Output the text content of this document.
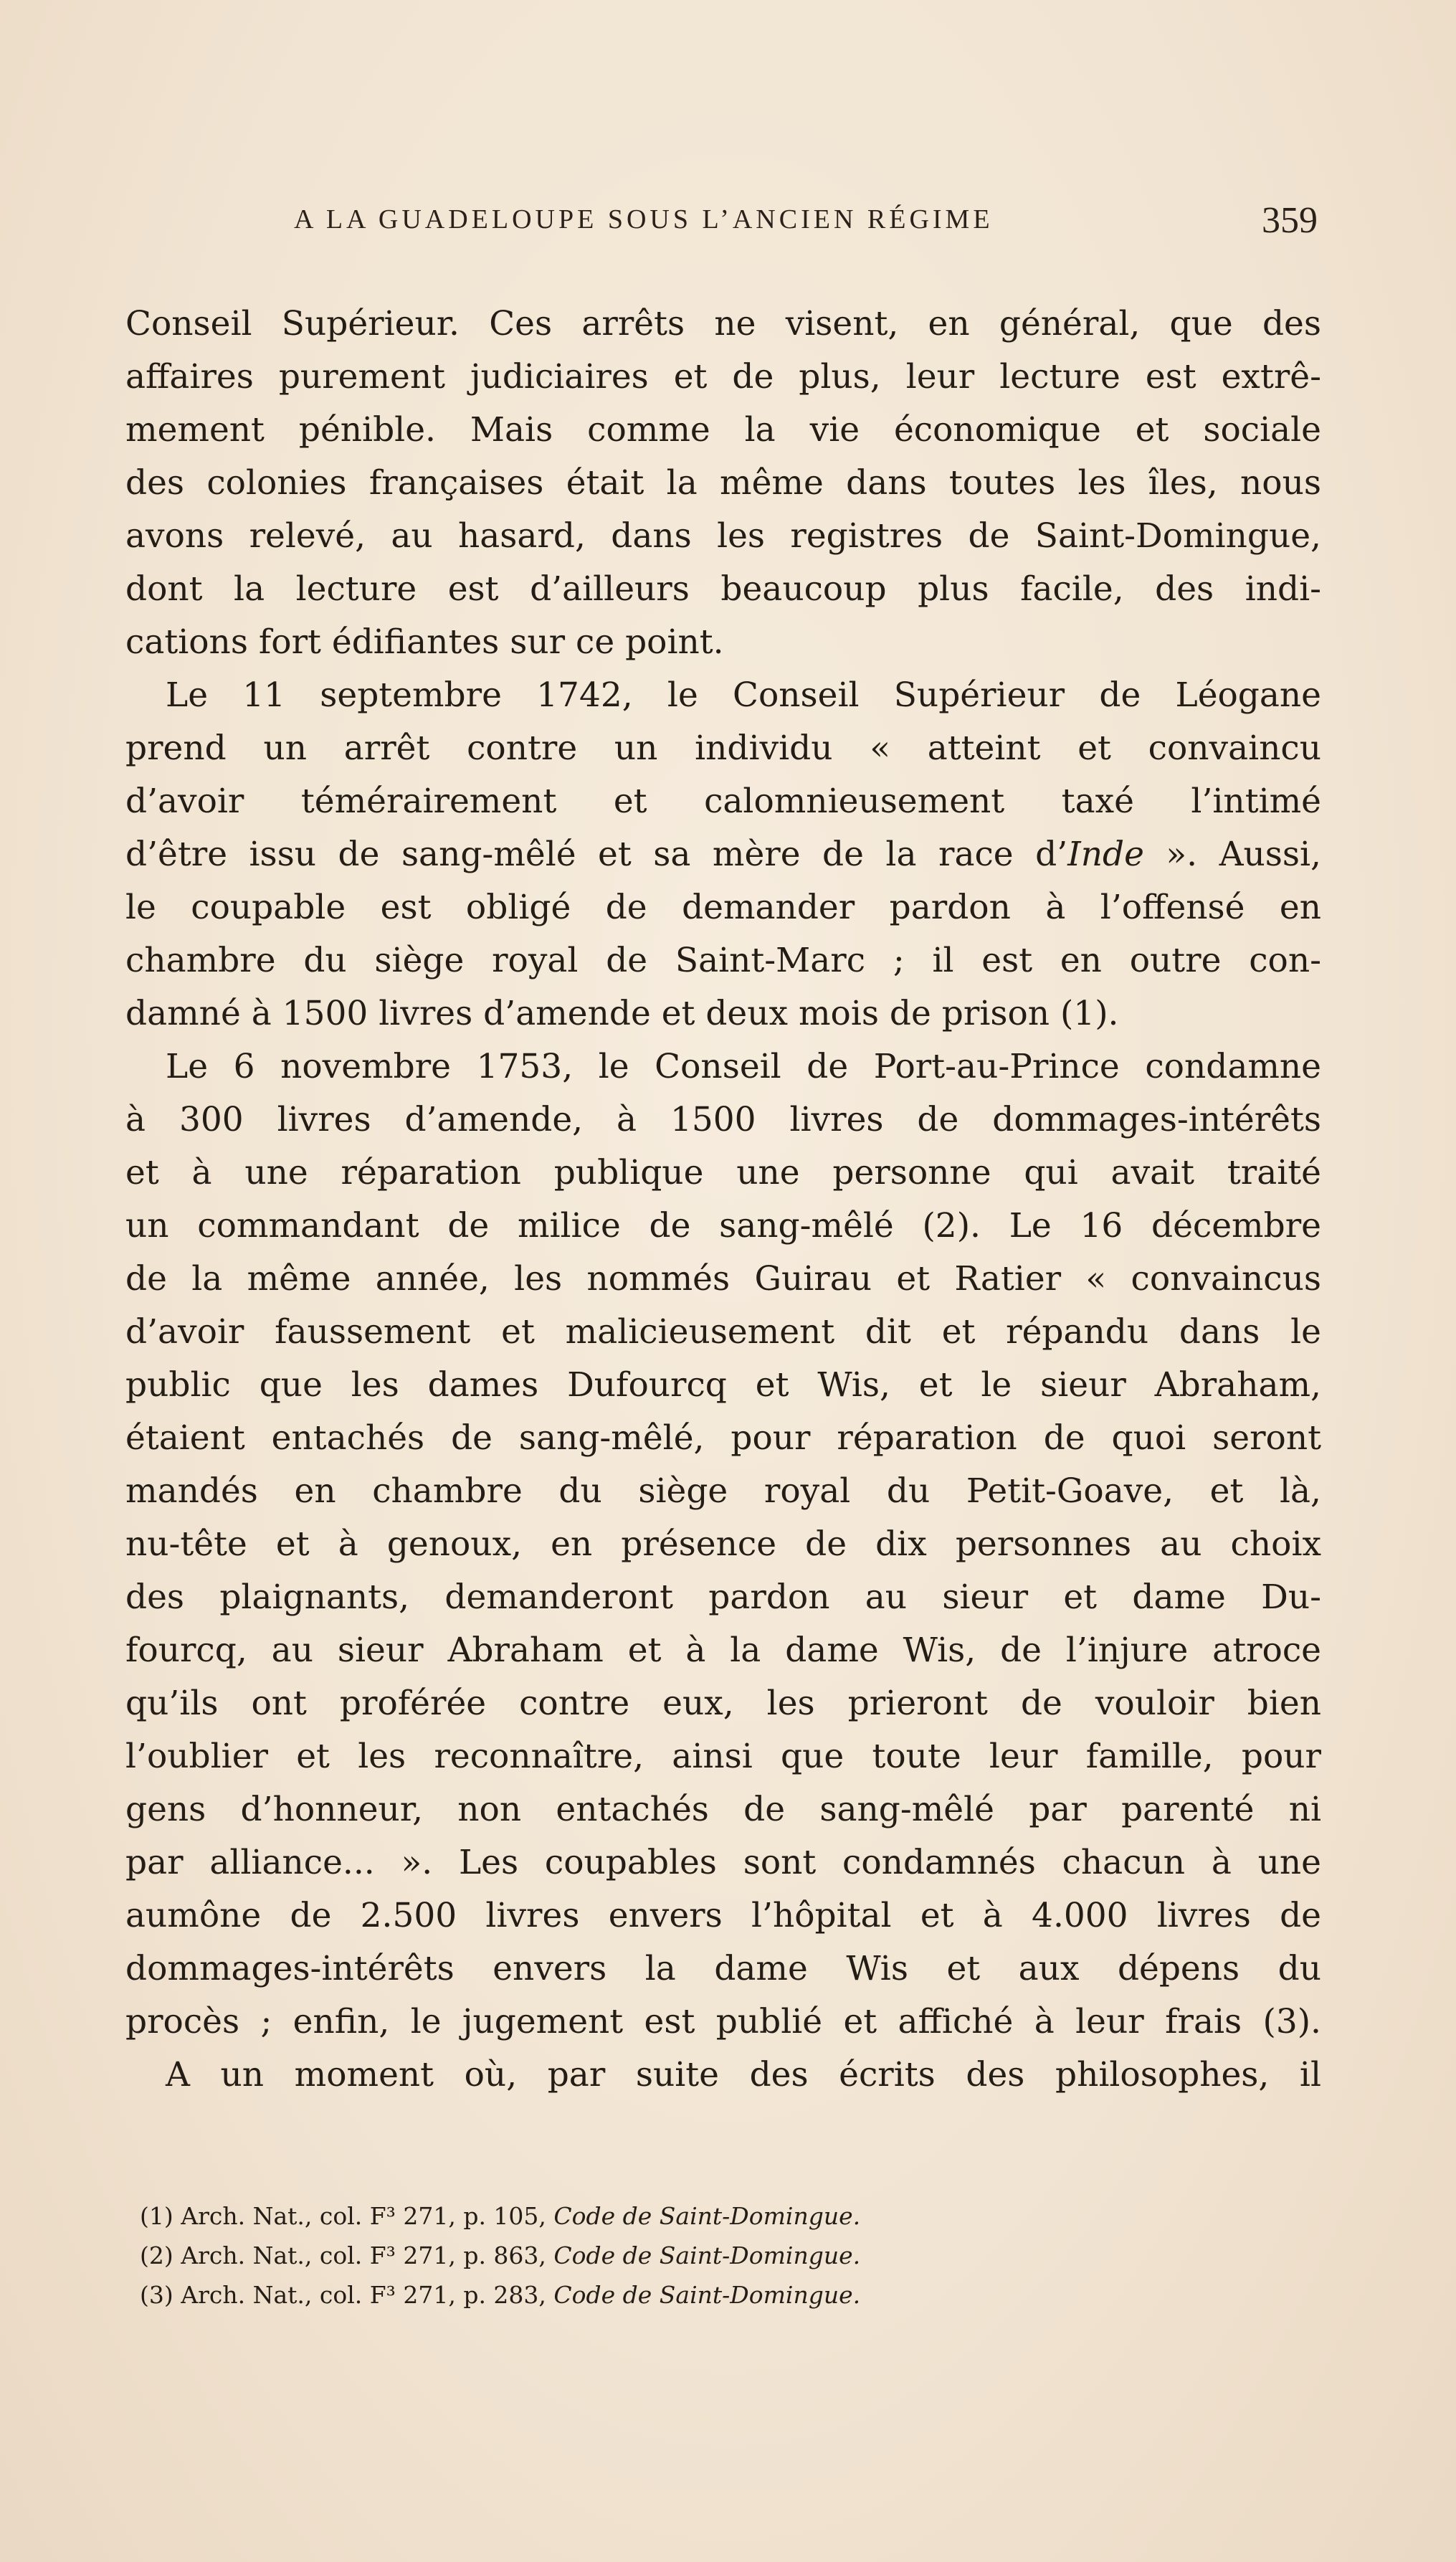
A LA GUADELOUPE SOUS L’ANCIEN RÉGIME	359
Conseil Supérieur. Ces arrêts ne visent, en général, que des
affaires purement judiciaires et de plus, leur lecture est extrê-
mement pénible. Mais comme la vie économique et sociale
des colonies françaises était la même dans toutes les îles, nous
avons relevé, au hasard, dans les registres de Saint-Domingue,
dont la lecture est d’ailleurs beaucoup plus facile, des indi-
cations fort édifiantes sur ce point.
Le 11 septembre 1742, le Conseil Supérieur de Léogane
prend un arrêt contre un individu « atteint et convaincu
d’avoir témérairement et calomnieusement taxé l’intimé
d’être issu de sang-mêlé et sa mère de la race d’Inde ». Aussi,
le coupable est obligé de demander pardon à l’offensé en
chambre du siège royal de Saint-Marc ; il est en outre con-
damné à 1500 livres d’amende et deux mois de prison (1).
Le 6 novembre 1753, le Conseil de Port-au-Prince condamne
à 300 livres d’amende, à 1500 livres de dommages-intérêts
et à une réparation publique une personne qui avait traité
un commandant de milice de sang-mêlé (2). Le 16 décembre
de la même année, les nommés Guirau et Ratier « convaincus
d’avoir faussement et malicieusement dit et répandu dans le
public que les dames Dufourcq et Wis, et le sieur Abraham,
étaient entachés de sang-mêlé, pour réparation de quoi seront
mandés en chambre du siège royal du Petit-Goave, et là,
nu-tête et à genoux, en présence de dix personnes au choix
des plaignants, demanderont pardon au sieur et dame Du-
fourcq, au sieur Abraham et à la dame Wis, de l’injure atroce
qu’ils ont proférée contre eux, les prieront de vouloir bien
l’oublier et les reconnaître, ainsi que toute leur famille, pour
gens d’honneur, non entachés de sang-mêlé par parenté ni
par alliance... ». Les coupables sont condamnés chacun à une
aumône de 2.500 livres envers l’hôpital et à 4.000 livres de
dommages-intérêts envers la dame Wis et aux dépens du
procès ; enfin, le jugement est publié et affiché à leur frais (3).
A un moment où, par suite des écrits des philosophes, il
(1) Arch. Nat., col. F³ 271, p. 105, Code de Saint-Domingue.
(2) Arch. Nat., col. F³ 271, p. 863, Code de Saint-Domingue.
(3) Arch. Nat., col. F³ 271, p. 283, Code de Saint-Domingue.
